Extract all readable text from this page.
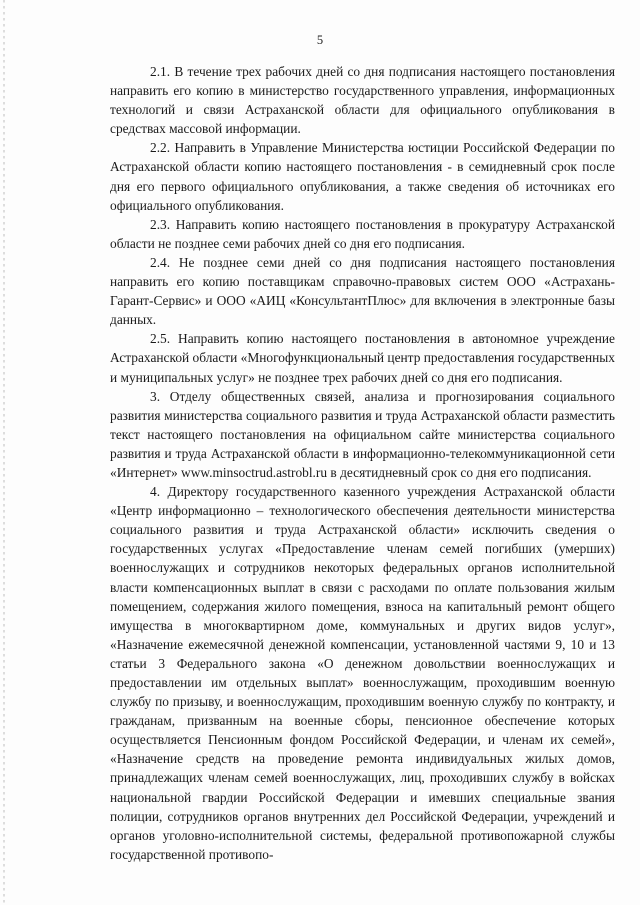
5

2.1. В течение трех рабочих дней со дня подписания настоящего постановления направить его копию в министерство государственного управления, информационных технологий и связи Астраханской области для официального опубликования в средствах массовой информации.

2.2. Направить в Управление Министерства юстиции Российской Федерации по Астраханской области копию настоящего постановления - в семидневный срок после дня его первого официального опубликования, а также сведения об источниках его официального опубликования.

2.3. Направить копию настоящего постановления в прокуратуру Астраханской области не позднее семи рабочих дней со дня его подписания.

2.4. Не позднее семи дней со дня подписания настоящего постановления направить его копию поставщикам справочно-правовых систем ООО «Астрахань-Гарант-Сервис» и ООО «АИЦ «КонсультантПлюс» для включения в электронные базы данных.

2.5. Направить копию настоящего постановления в автономное учреждение Астраханской области «Многофункциональный центр предоставления государственных и муниципальных услуг» не позднее трех рабочих дней со дня его подписания.

3. Отделу общественных связей, анализа и прогнозирования социального развития министерства социального развития и труда Астраханской области разместить текст настоящего постановления на официальном сайте министерства социального развития и труда Астраханской области в информационно-телекоммуникационной сети «Интернет» www.minsoctrud.astrobl.ru в десятидневный срок со дня его подписания.

4. Директору государственного казенного учреждения Астраханской области «Центр информационно – технологического обеспечения деятельности министерства социального развития и труда Астраханской области» исключить сведения о государственных услугах «Предоставление членам семей погибших (умерших) военнослужащих и сотрудников некоторых федеральных органов исполнительной власти компенсационных выплат в связи с расходами по оплате пользования жилым помещением, содержания жилого помещения, взноса на капитальный ремонт общего имущества в многоквартирном доме, коммунальных и других видов услуг», «Назначение ежемесячной денежной компенсации, установленной частями 9, 10 и 13 статьи 3 Федерального закона «О денежном довольствии военнослужащих и предоставлении им отдельных выплат» военнослужащим, проходившим военную службу по призыву, и военнослужащим, проходившим военную службу по контракту, и гражданам, призванным на военные сборы, пенсионное обеспечение которых осуществляется Пенсионным фондом Российской Федерации, и членам их семей», «Назначение средств на проведение ремонта индивидуальных жилых домов, принадлежащих членам семей военнослужащих, лиц, проходивших службу в войсках национальной гвардии Российской Федерации и имевших специальные звания полиции, сотрудников органов внутренних дел Российской Федерации, учреждений и органов уголовно-исполнительной системы, федеральной противопожарной службы государственной противопо-
